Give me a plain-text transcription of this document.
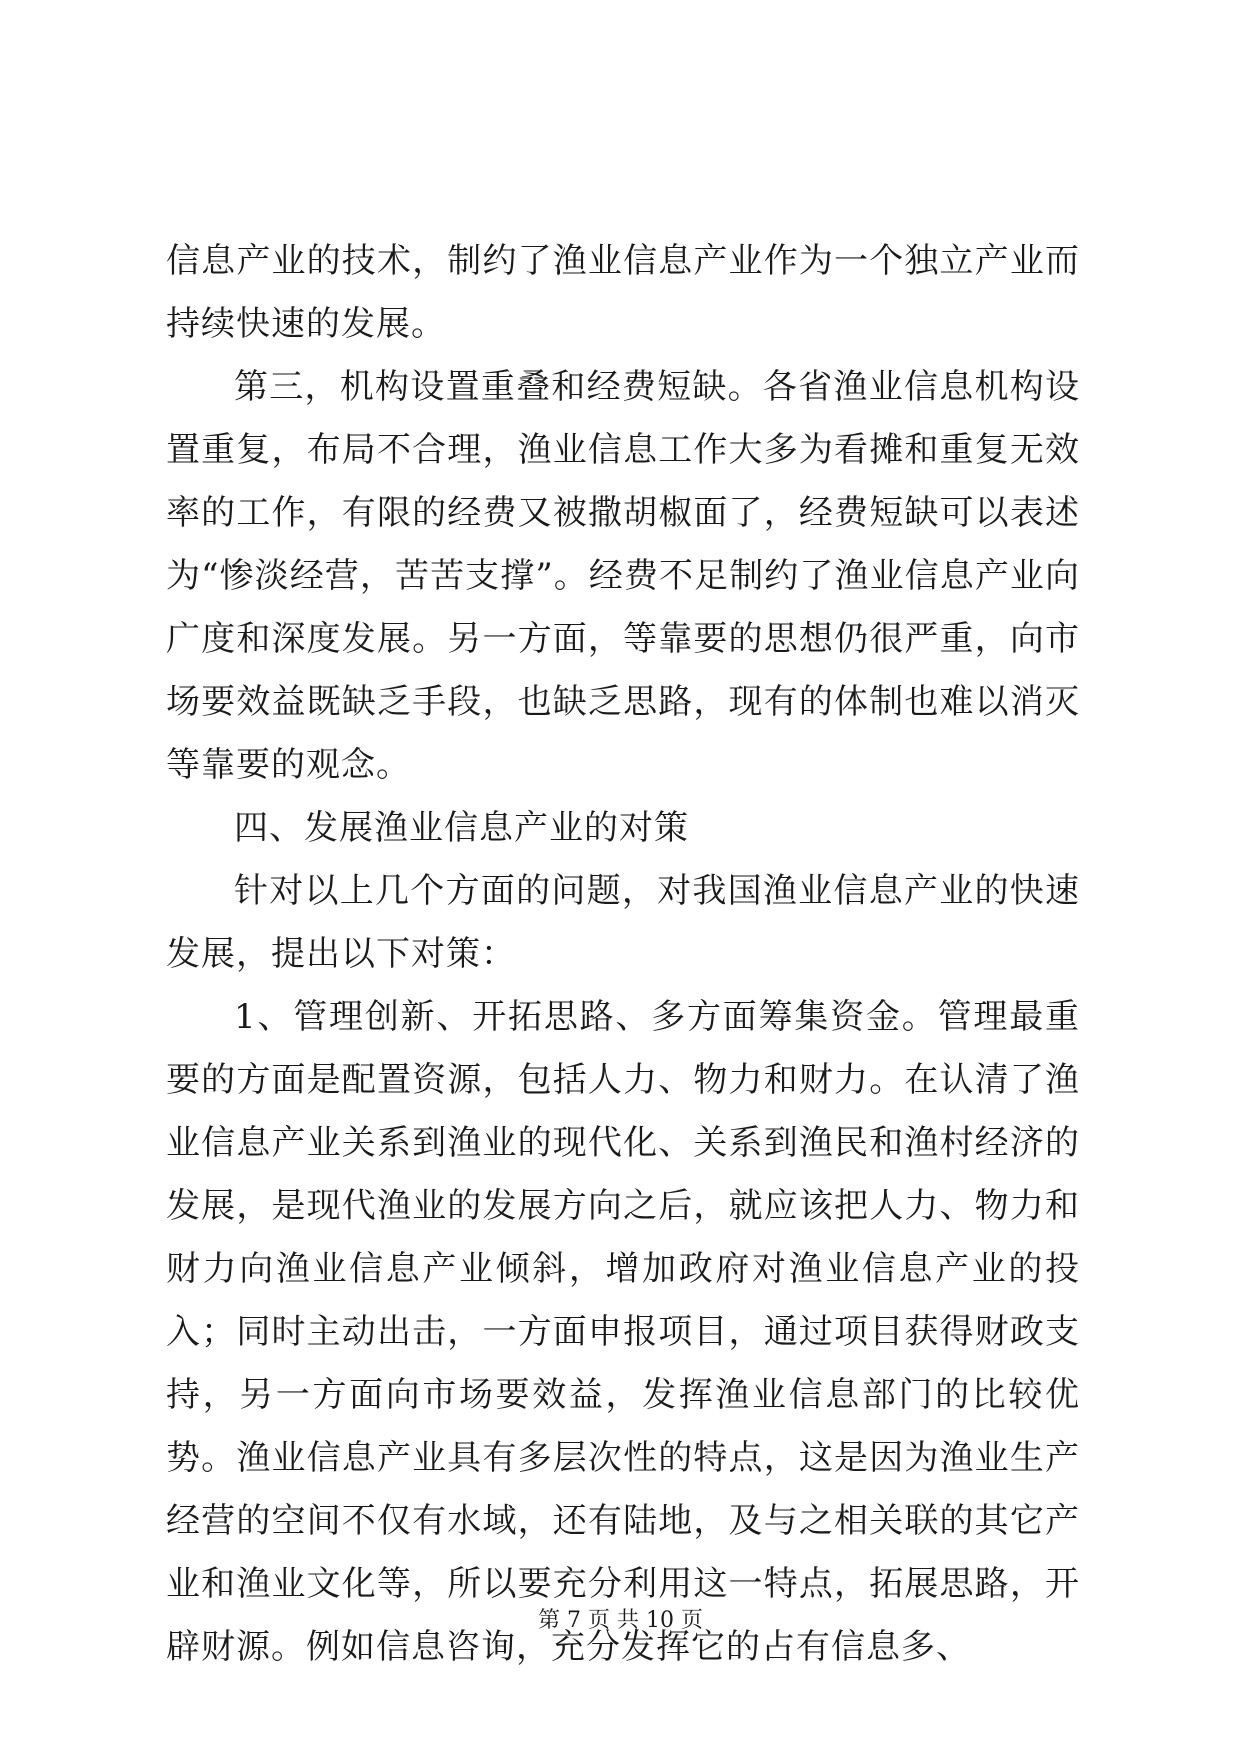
信息产业的技术，制约了渔业信息产业作为一个独立产业而持续快速的发展。

第三，机构设置重叠和经费短缺。各省渔业信息机构设置重复，布局不合理，渔业信息工作大多为看摊和重复无效率的工作，有限的经费又被撒胡椒面了，经费短缺可以表述为“惨淡经营，苦苦支撑”。经费不足制约了渔业信息产业向广度和深度发展。另一方面，等靠要的思想仍很严重，向市场要效益既缺乏手段，也缺乏思路，现有的体制也难以消灭等靠要的观念。

四、发展渔业信息产业的对策

针对以上几个方面的问题，对我国渔业信息产业的快速发展，提出以下对策：

1、管理创新、开拓思路、多方面筹集资金。管理最重要的方面是配置资源，包括人力、物力和财力。在认清了渔业信息产业关系到渔业的现代化、关系到渔民和渔村经济的发展，是现代渔业的发展方向之后，就应该把人力、物力和财力向渔业信息产业倾斜，增加政府对渔业信息产业的投入；同时主动出击，一方面申报项目，通过项目获得财政支持，另一方面向市场要效益，发挥渔业信息部门的比较优势。渔业信息产业具有多层次性的特点，这是因为渔业生产经营的空间不仅有水域，还有陆地，及与之相关联的其它产业和渔业文化等，所以要充分利用这一特点，拓展思路，开辟财源。例如信息咨询，充分发挥它的占有信息多、

第 7 页 共 10 页
